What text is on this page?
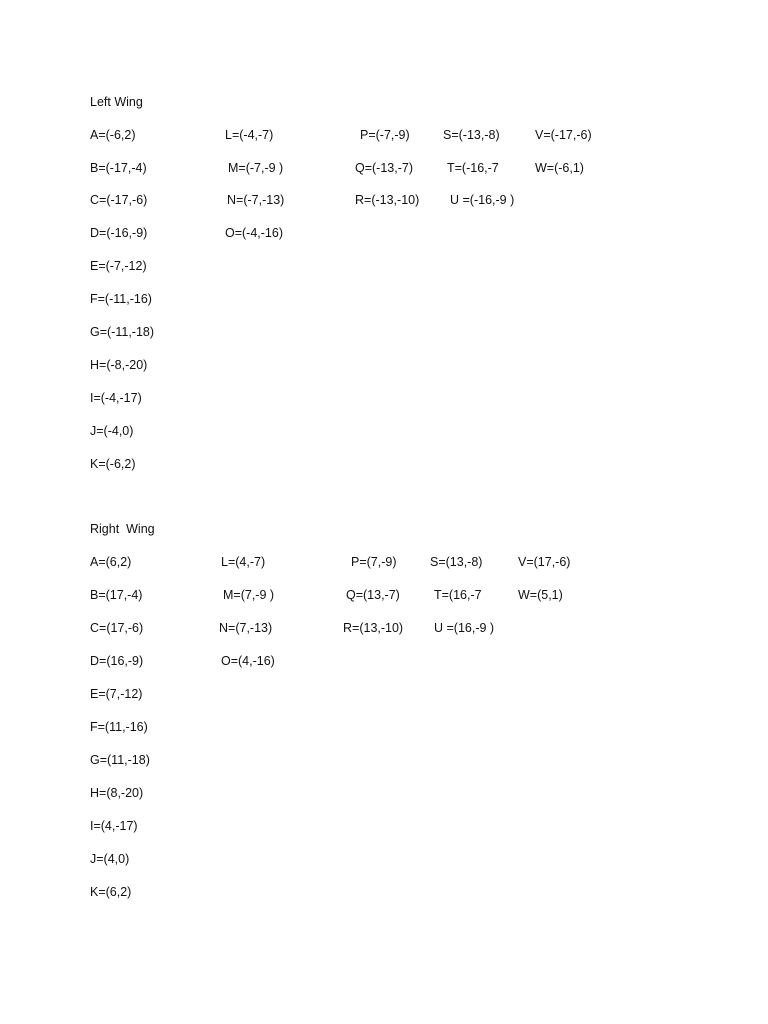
Left Wing
A=(-6,2)
B=(-17,-4)
C=(-17,-6)
D=(-16,-9)
E=(-7,-12)
F=(-11,-16)
G=(-11,-18)
H=(-8,-20)
I=(-4,-17)
J=(-4,0)
K=(-6,2)
L=(-4,-7)
M=(-7,-9 )
N=(-7,-13)
O=(-4,-16)
P=(-7,-9)
Q=(-13,-7)
R=(-13,-10)
S=(-13,-8)
T=(-16,-7
U =(-16,-9 )
V=(-17,-6)
W=(-6,1)
Right  Wing
A=(6,2)
B=(17,-4)
C=(17,-6)
D=(16,-9)
E=(7,-12)
F=(11,-16)
G=(11,-18)
H=(8,-20)
I=(4,-17)
J=(4,0)
K=(6,2)
L=(4,-7)
M=(7,-9 )
N=(7,-13)
O=(4,-16)
P=(7,-9)
Q=(13,-7)
R=(13,-10)
S=(13,-8)
T=(16,-7
U =(16,-9 )
V=(17,-6)
W=(5,1)
